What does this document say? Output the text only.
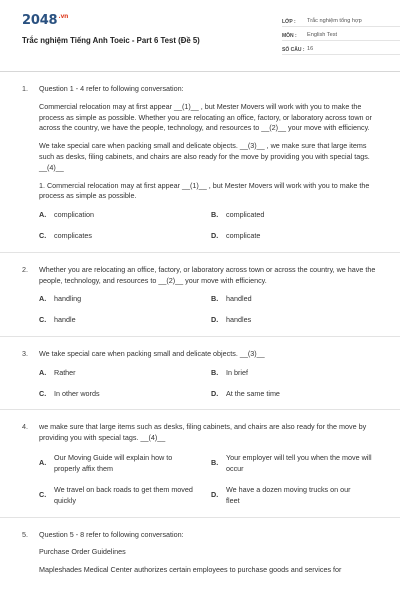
$2048^{.vn}$
Trắc nghiệm Tiếng Anh Toeic - Part 6 Test (Đề 5)
LỚP :	Trắc nghiệm tổng hợp
MÔN :	English Test
SỐ CÂU : 16
1. Question 1 - 4 refer to following conversation:

Commercial relocation may at first appear __(1)__ , but Mester Movers will work with you to make the process as simple as possible. Whether you are relocating an office, factory, or laboratory across town or across the country, we have the people, technology, and resources to __(2)__ your move with efficiency.

We take special care when packing small and delicate objects. __(3)__ , we make sure that large items such as desks, filing cabinets, and chairs are also ready for the move by providing you with special tags. __(4)__

1. Commercial relocation may at first appear __(1)__ , but Mester Movers will work with you to make the process as simple as possible.

A.	complication	B.	complicated
C.	complicates	D.	complicate
2. Whether you are relocating an office, factory, or laboratory across town or across the country, we have the people, technology, and resources to __(2)__ your move with efficiency.

A.	handling	B.	handled
C.	handle	D.	handles
3. We take special care when packing small and delicate objects. __(3)__

A.	Rather	B.	In brief
C.	In other words	D.	At the same time
4. we make sure that large items such as desks, filing cabinets, and chairs are also ready for the move by providing you with special tags. __(4)__

A.
Our Moving Guide will explain how to properly affix them
B.
Your employer will tell you when the move will occur
C.
We travel on back roads to get them moved quickly
D.
We have a dozen moving trucks on our fleet
5. Question 5 - 8 refer to following conversation:

Purchase Order Guidelines

Mapleshades Medical Center authorizes certain employees to purchase goods and services for
